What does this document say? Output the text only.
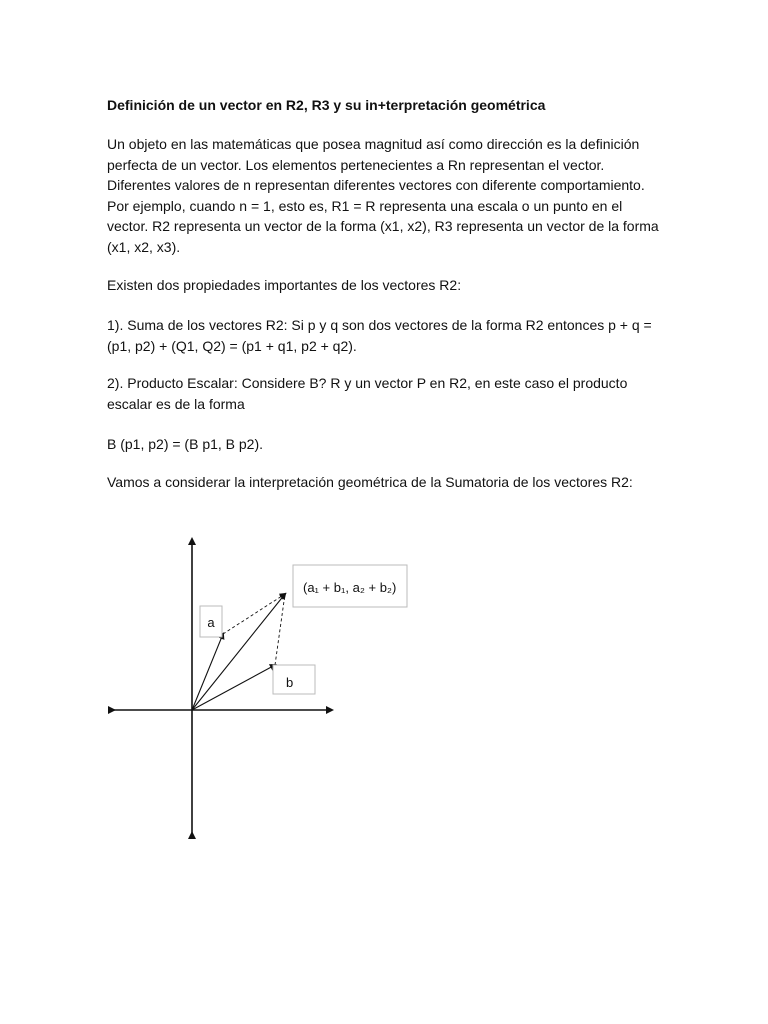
Definición de un vector en R2, R3 y su in+terpretación geométrica

Un objeto en las matemáticas que posea magnitud así como dirección es la definición perfecta de un vector. Los elementos pertenecientes a Rn representan el vector. Diferentes valores de n representan diferentes vectores con diferente comportamiento. Por ejemplo, cuando n = 1, esto es, R1 = R representa una escala o un punto en el vector. R2 representa un vector de la forma (x1, x2), R3 representa un vector de la forma (x1, x2, x3).

Existen dos propiedades importantes de los vectores R2:

1). Suma de los vectores R2: Si p y q son dos vectores de la forma R2 entonces p + q = (p1, p2) + (Q1, Q2) = (p1 + q1, p2 + q2).

2). Producto Escalar: Considere B? R y un vector P en R2, en este caso el producto escalar es de la forma

B (p1, p2) = (B p1, B p2).

Vamos a considerar la interpretación geométrica de la Sumatoria de los vectores R2:

a
b
(a₁ + b₁, a₂ + b₂)
